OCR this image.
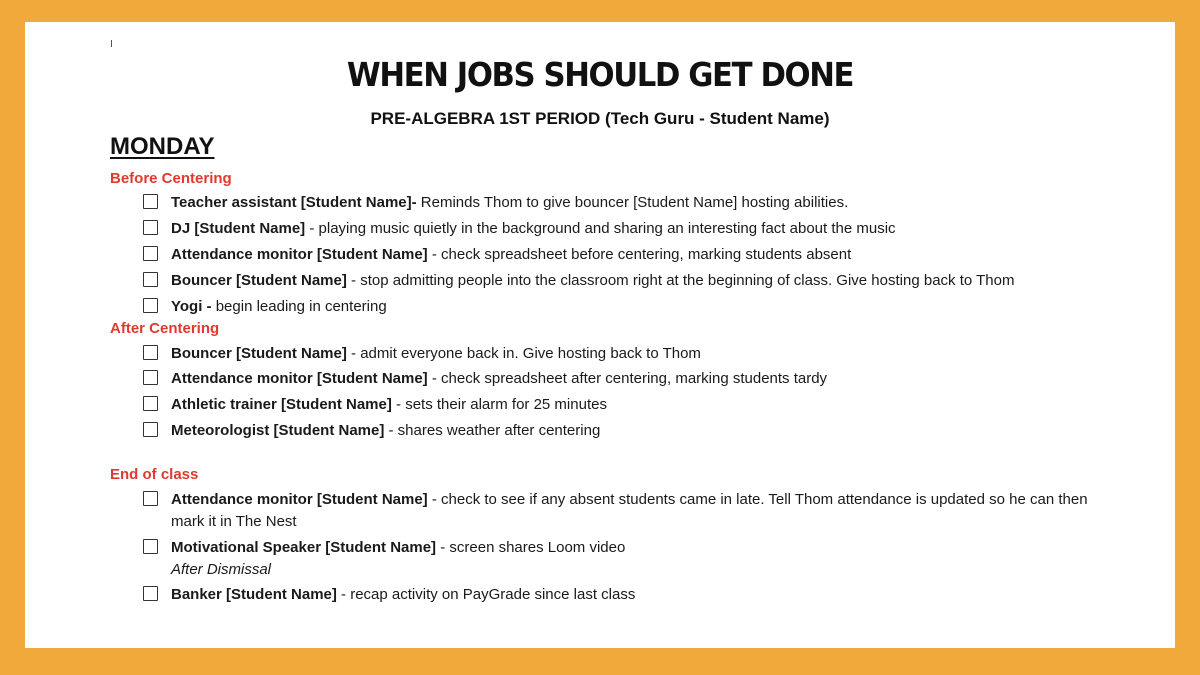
WHEN JOBS SHOULD GET DONE
PRE-ALGEBRA 1ST PERIOD (Tech Guru - Student Name)
MONDAY
Before Centering
Teacher assistant [Student Name]- Reminds Thom to give bouncer [Student Name] hosting abilities.
DJ [Student Name] - playing music quietly in the background and sharing an interesting fact about the music
Attendance monitor [Student Name] - check spreadsheet before centering, marking students absent
Bouncer [Student Name] - stop admitting people into the classroom right at the beginning of class. Give hosting back to Thom
Yogi - begin leading in centering
After Centering
Bouncer [Student Name] - admit everyone back in. Give hosting back to Thom
Attendance monitor [Student Name] - check spreadsheet after centering, marking students tardy
Athletic trainer [Student Name] - sets their alarm for 25 minutes
Meteorologist [Student Name] - shares weather after centering
End of class
Attendance monitor [Student Name] - check to see if any absent students came in late. Tell Thom attendance is updated so he can then mark it in The Nest
Motivational Speaker [Student Name] - screen shares Loom video
After Dismissal
Banker [Student Name] - recap activity on PayGrade since last class
